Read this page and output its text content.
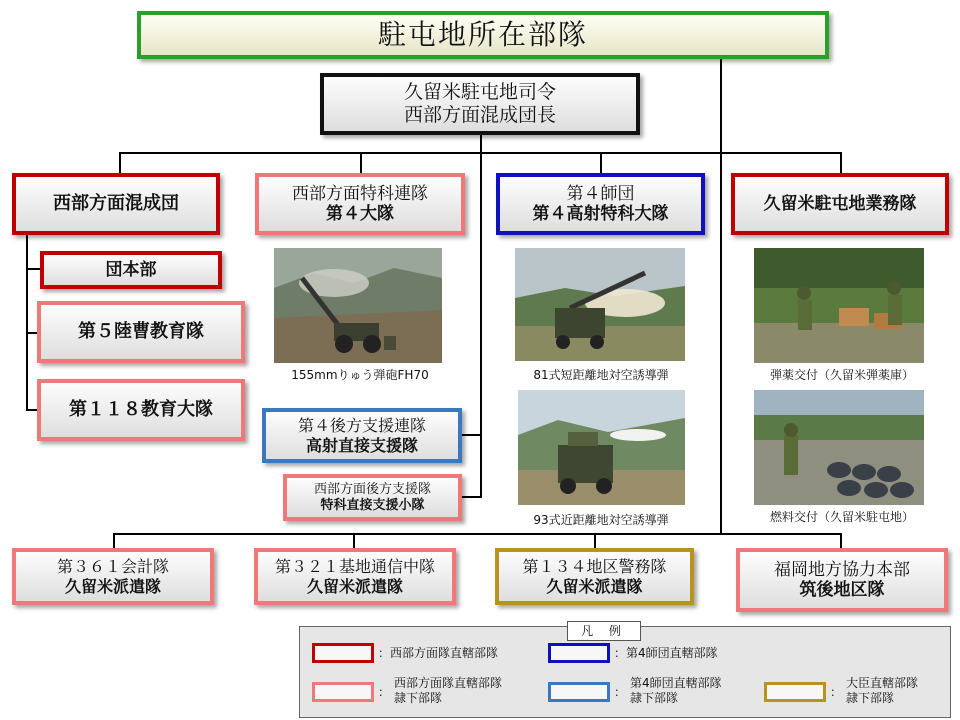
駐屯地所在部隊
久留米駐屯地司令
西部方面混成団長
西部方面混成団	西部方面特科連隊
第４大隊
第４師団
第４高射特科大隊
久留米駐屯地業務隊
団本部
第５陸曹教育隊
第１１８教育大隊
155mmりゅう弾砲FH70	81式短距離地対空誘導弾	弾薬交付（久留米弾薬庫）
93式近距離地対空誘導弾	燃料交付（久留米駐屯地）
第４後方支援連隊
高射直接支援隊
西部方面後方支援隊
特科直接支援小隊
第３６１会計隊
久留米派遣隊
第３２１基地通信中隊
久留米派遣隊
第１３４地区警務隊
久留米派遣隊
福岡地方協力本部
筑後地区隊
凡 例
：西部方面隊直轄部隊	：第4師団直轄部隊
：
西部方面隊直轄部隊
隷下部隊	：
第4師団直轄部隊
隷下部隊	：
大臣直轄部隊
隷下部隊
